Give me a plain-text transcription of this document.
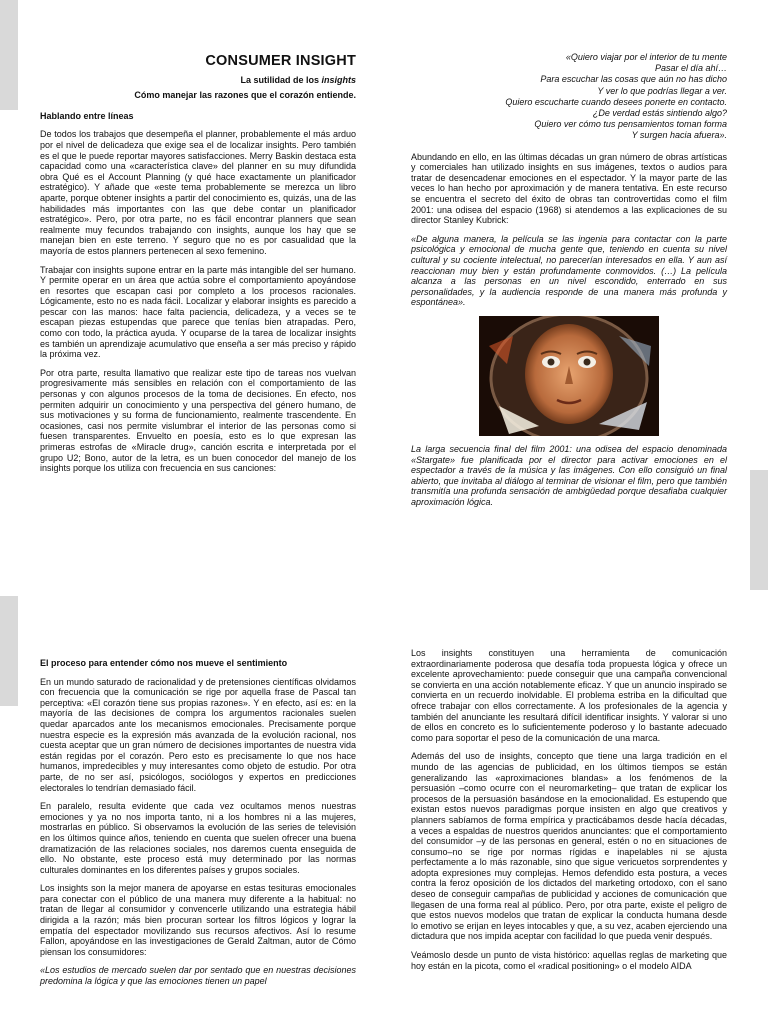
CONSUMER INSIGHT
La sutilidad de los insights
Cómo manejar las razones que el corazón entiende.
Hablando entre líneas

De todos los trabajos que desempeña el planner, probablemente el más arduo por el nivel de delicadeza que exige sea el de localizar insights. Pero también es el que le puede reportar mayores satisfacciones. Merry Baskin destaca esta capacidad como una «característica clave» del planner en su muy difundida obra Qué es el Account Planning (y qué hace exactamente un planificador estratégico). Y añade que «este tema probablemente se merezca un libro aparte, porque obtener insights a partir del conocimiento es, quizás, una de las habilidades más importantes con las que debe contar un planificador estratégico». Pero, por otra parte, no es fácil encontrar planners que sean realmente muy fecundos trabajando con insights, aunque los hay que se manejan bien en este terreno. Y seguro que no es por casualidad que la mayoría de estos planners pertenecen al sexo femenino.

Trabajar con insights supone entrar en la parte más intangible del ser humano. Y permite operar en un área que actúa sobre el comportamiento apoyándose en resortes que escapan casi por completo a los procesos racionales. Lógicamente, esto no es nada fácil. Localizar y elaborar insights es parecido a pescar con las manos: hace falta paciencia, delicadeza, y a veces se te escapan piezas estupendas que parece que tenías bien atrapadas. Pero, como con todo, la práctica ayuda. Y ocuparse de la tarea de localizar insights es también un aprendizaje acumulativo que enseña a ser más preciso y rápido la próxima vez.

Por otra parte, resulta llamativo que realizar este tipo de tareas nos vuelvan progresivamente más sensibles en relación con el comportamiento de las personas y con algunos procesos de la toma de decisiones. En efecto, nos permiten adquirir un conocimiento y una perspectiva del género humano, de sus motivaciones y su forma de funcionamiento, realmente trascendente. En ocasiones, casi nos permite vislumbrar el interior de las personas como si fuesen transparentes. Envuelto en poesía, esto es lo que expresan las primeras estrofas de «Miracle drug», canción escrita e interpretada por el grupo U2; Bono, autor de la letra, es un buen conocedor del manejo de los insights porque los utiliza con frecuencia en sus canciones:

«Quiero viajar por el interior de tu mente
Pasar el día ahí…
Para escuchar las cosas que aún no has dicho
Y ver lo que podrías llegar a ver.
Quiero escucharte cuando desees ponerte en contacto.
¿De verdad estás sintiendo algo?
Quiero ver cómo tus pensamientos toman forma
Y surgen hacia afuera».

Abundando en ello, en las últimas décadas un gran número de obras artísticas y comerciales han utilizado insights en sus imágenes, textos o audios para tratar de desencadenar emociones en el espectador. Y la mayor parte de las veces lo han hecho por aproximación y de manera tentativa. En este recurso se encuentra el secreto del éxito de obras tan controvertidas como el film 2001: una odisea del espacio (1968) si atendemos a las explicaciones de su director Stanley Kubrick:

«De alguna manera, la película se las ingenia para contactar con la parte psicológica y emocional de mucha gente que, teniendo en cuenta su nivel cultural y su cociente intelectual, no parecerían interesados en ella. Y aun así reaccionan muy bien y están profundamente conmovidos. (…) La película alcanza a las personas en un nivel escondido, enterrado en sus personalidades, y la audiencia responde de una manera más profunda y espontánea».

La larga secuencia final del film 2001: una odisea del espacio denominada «Stargate» fue planificada por el director para activar emociones en el espectador a través de la música y las imágenes. Con ello consiguió un final abierto, que invitaba al diálogo al terminar de visionar el film, pero que también transmitía una profunda sensación de ambigüedad porque desafiaba cualquier aproximación lógica.

El proceso para entender cómo nos mueve el sentimiento

En un mundo saturado de racionalidad y de pretensiones científicas olvidamos con frecuencia que la comunicación se rige por aquella frase de Pascal tan perceptiva: «El corazón tiene sus propias razones». Y en efecto, así es: en la mayoría de las decisiones de compra los argumentos racionales suelen quedar aparcados ante los mecanismos emocionales. Precisamente porque nuestra especie es la expresión más avanzada de la evolución racional, nos cuesta aceptar que un gran número de decisiones importantes de nuestra vida están regidas por el corazón. Pero esto es precisamente lo que nos hace humanos, impredecibles y muy interesantes como objeto de estudio. Por otra parte, de no ser así, psicólogos, sociólogos y expertos en predicciones electorales lo tendrían demasiado fácil.

En paralelo, resulta evidente que cada vez ocultamos menos nuestras emociones y ya no nos importa tanto, ni a los hombres ni a las mujeres, mostrarlas en público. Si observamos la evolución de las series de televisión en los últimos quince años, teniendo en cuenta que suelen ofrecer una buena dramatización de las relaciones sociales, nos daremos cuenta enseguida de ello. No obstante, este proceso está muy determinado por las normas culturales dominantes en los diferentes países y grupos sociales.

Los insights son la mejor manera de apoyarse en estas tesituras emocionales para conectar con el público de una manera muy diferente a la habitual: no tratan de llegar al consumidor y convencerle utilizando una estrategia hábil dirigida a la razón; más bien procuran sortear los filtros lógicos y lograr la empatía del espectador movilizando sus recursos afectivos. Así lo resume Fallon, apoyándose en las investigaciones de Gerald Zaltman, autor de Cómo piensan los consumidores:

«Los estudios de mercado suelen dar por sentado que en nuestras decisiones predomina la lógica y que las emociones tienen un papel

Los insights constituyen una herramienta de comunicación extraordinariamente poderosa que desafía toda propuesta lógica y ofrece un excelente aprovechamiento: puede conseguir que una campaña convencional se convierta en una acción notablemente eficaz. Y que un anuncio inspirado se convierta en un recuerdo inolvidable. El problema estriba en la dificultad que ofrece trabajar con ellos correctamente. A los profesionales de la agencia y también del anunciante les resultará difícil identificar insights. Y valorar si uno de ellos en concreto es lo suficientemente poderoso y lo bastante adecuado como para soportar el peso de la comunicación de una marca.

Además del uso de insights, concepto que tiene una larga tradición en el mundo de las agencias de publicidad, en los últimos tiempos se están generalizando las «aproximaciones blandas» a los fenómenos de la persuasión –como ocurre con el neuromarketing– que tratan de explicar los procesos de la persuasión basándose en la emocionalidad. Es estupendo que existan estos nuevos paradigmas porque insisten en algo que creativos y planners sabíamos de forma empírica y practicábamos desde hacía décadas, a veces a espaldas de nuestros queridos anunciantes: que el comportamiento del consumidor –y de las personas en general, estén o no en situaciones de consumo–no se rige por normas rígidas e inapelables ni se ajusta perfectamente a lo más razonable, sino que sigue vericuetos sorprendentes y adopta expresiones muy complejas. Hemos defendido esta postura, a veces contra la feroz oposición de los dictados del marketing ortodoxo, con el sano deseo de conseguir campañas de publicidad y acciones de comunicación que llegasen de una forma real al público. Pero, por otra parte, existe el peligro de que estos nuevos modelos que tratan de explicar la conducta humana desde lo emotivo se erijan en leyes intocables y que, a su vez, acaben ejerciendo una dictadura que nos impida aceptar con facilidad lo que pueda venir después.

Veámoslo desde un punto de vista histórico: aquellas reglas de marketing que hoy están en la picota, como el «radical positioning» o el modelo AIDA
